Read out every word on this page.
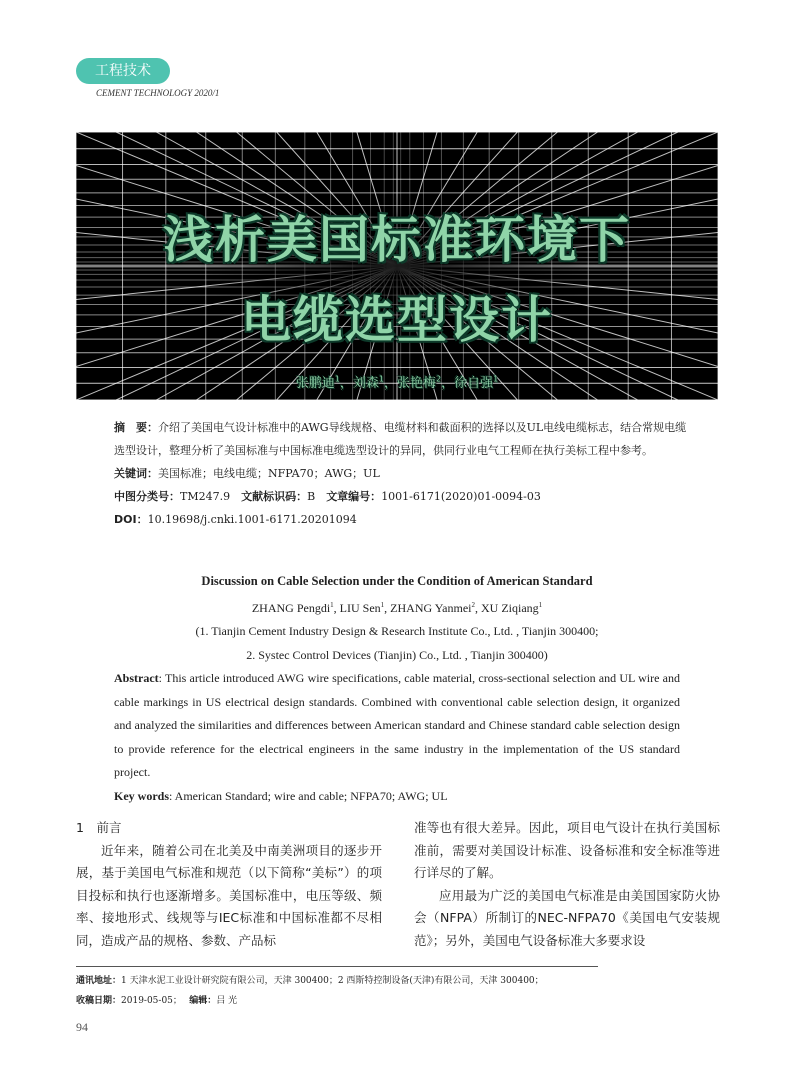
工程技术
CEMENT TECHNOLOGY 2020/1
浅析美国标准环境下
电缆选型设计
张鹏迪$^1$，刘森$^1$，张艳梅$^2$，徐自强$^1$

摘　要：介绍了美国电气设计标准中的AWG导线规格、电缆材料和截面积的选择以及UL电线电缆标志，结合常规电缆选型设计，整理分析了美国标准与中国标准电缆选型设计的异同，供同行业电气工程师在执行美标工程中参考。

关键词：美国标准；电线电缆；NFPA70；AWG；UL

中图分类号：TM247.9　 文献标识码：B　 文章编号：1001-6171(2020)01-0094-03

DOI：10.19698/j.cnki.1001-6171.20201094

Discussion on Cable Selection under the Condition of American Standard

ZHANG Pengdi$^1$, LIU Sen$^1$, ZHANG Yanmei$^2$, XU Ziqiang$^1$

(1. Tianjin Cement Industry Design & Research Institute Co., Ltd. , Tianjin 300400;

2. Systec Control Devices (Tianjin) Co., Ltd. , Tianjin 300400)

Abstract: This article introduced AWG wire specifications, cable material, cross-sectional selection and UL wire and cable markings in US electrical design standards. Combined with conventional cable selection design, it organized and analyzed the similarities and differences between American standard and Chinese standard cable selection design to provide reference for the electrical engineers in the same industry in the implementation of the US standard project.

Key words: American Standard; wire and cable; NFPA70; AWG; UL

1　前言

近年来，随着公司在北美及中南美洲项目的逐步开展，基于美国电气标准和规范（以下简称“美标”）的项目投标和执行也逐渐增多。美国标准中，电压等级、频率、接地形式、线规等与IEC标准和中国标准都不尽相同，造成产品的规格、参数、产品标

准等也有很大差异。因此，项目电气设计在执行美国标准前，需要对美国设计标准、设备标准和安全标准等进行详尽的了解。

应用最为广泛的美国电气标准是由美国国家防火协会（NFPA）所制订的NEC-NFPA70《美国电气安装规范》；另外，美国电气设备标准大多要求设

通讯地址：1 天津水泥工业设计研究院有限公司，天津 300400；2 西斯特控制设备(天津)有限公司，天津 300400；

收稿日期：2019-05-05；　 编辑：吕 光

94
